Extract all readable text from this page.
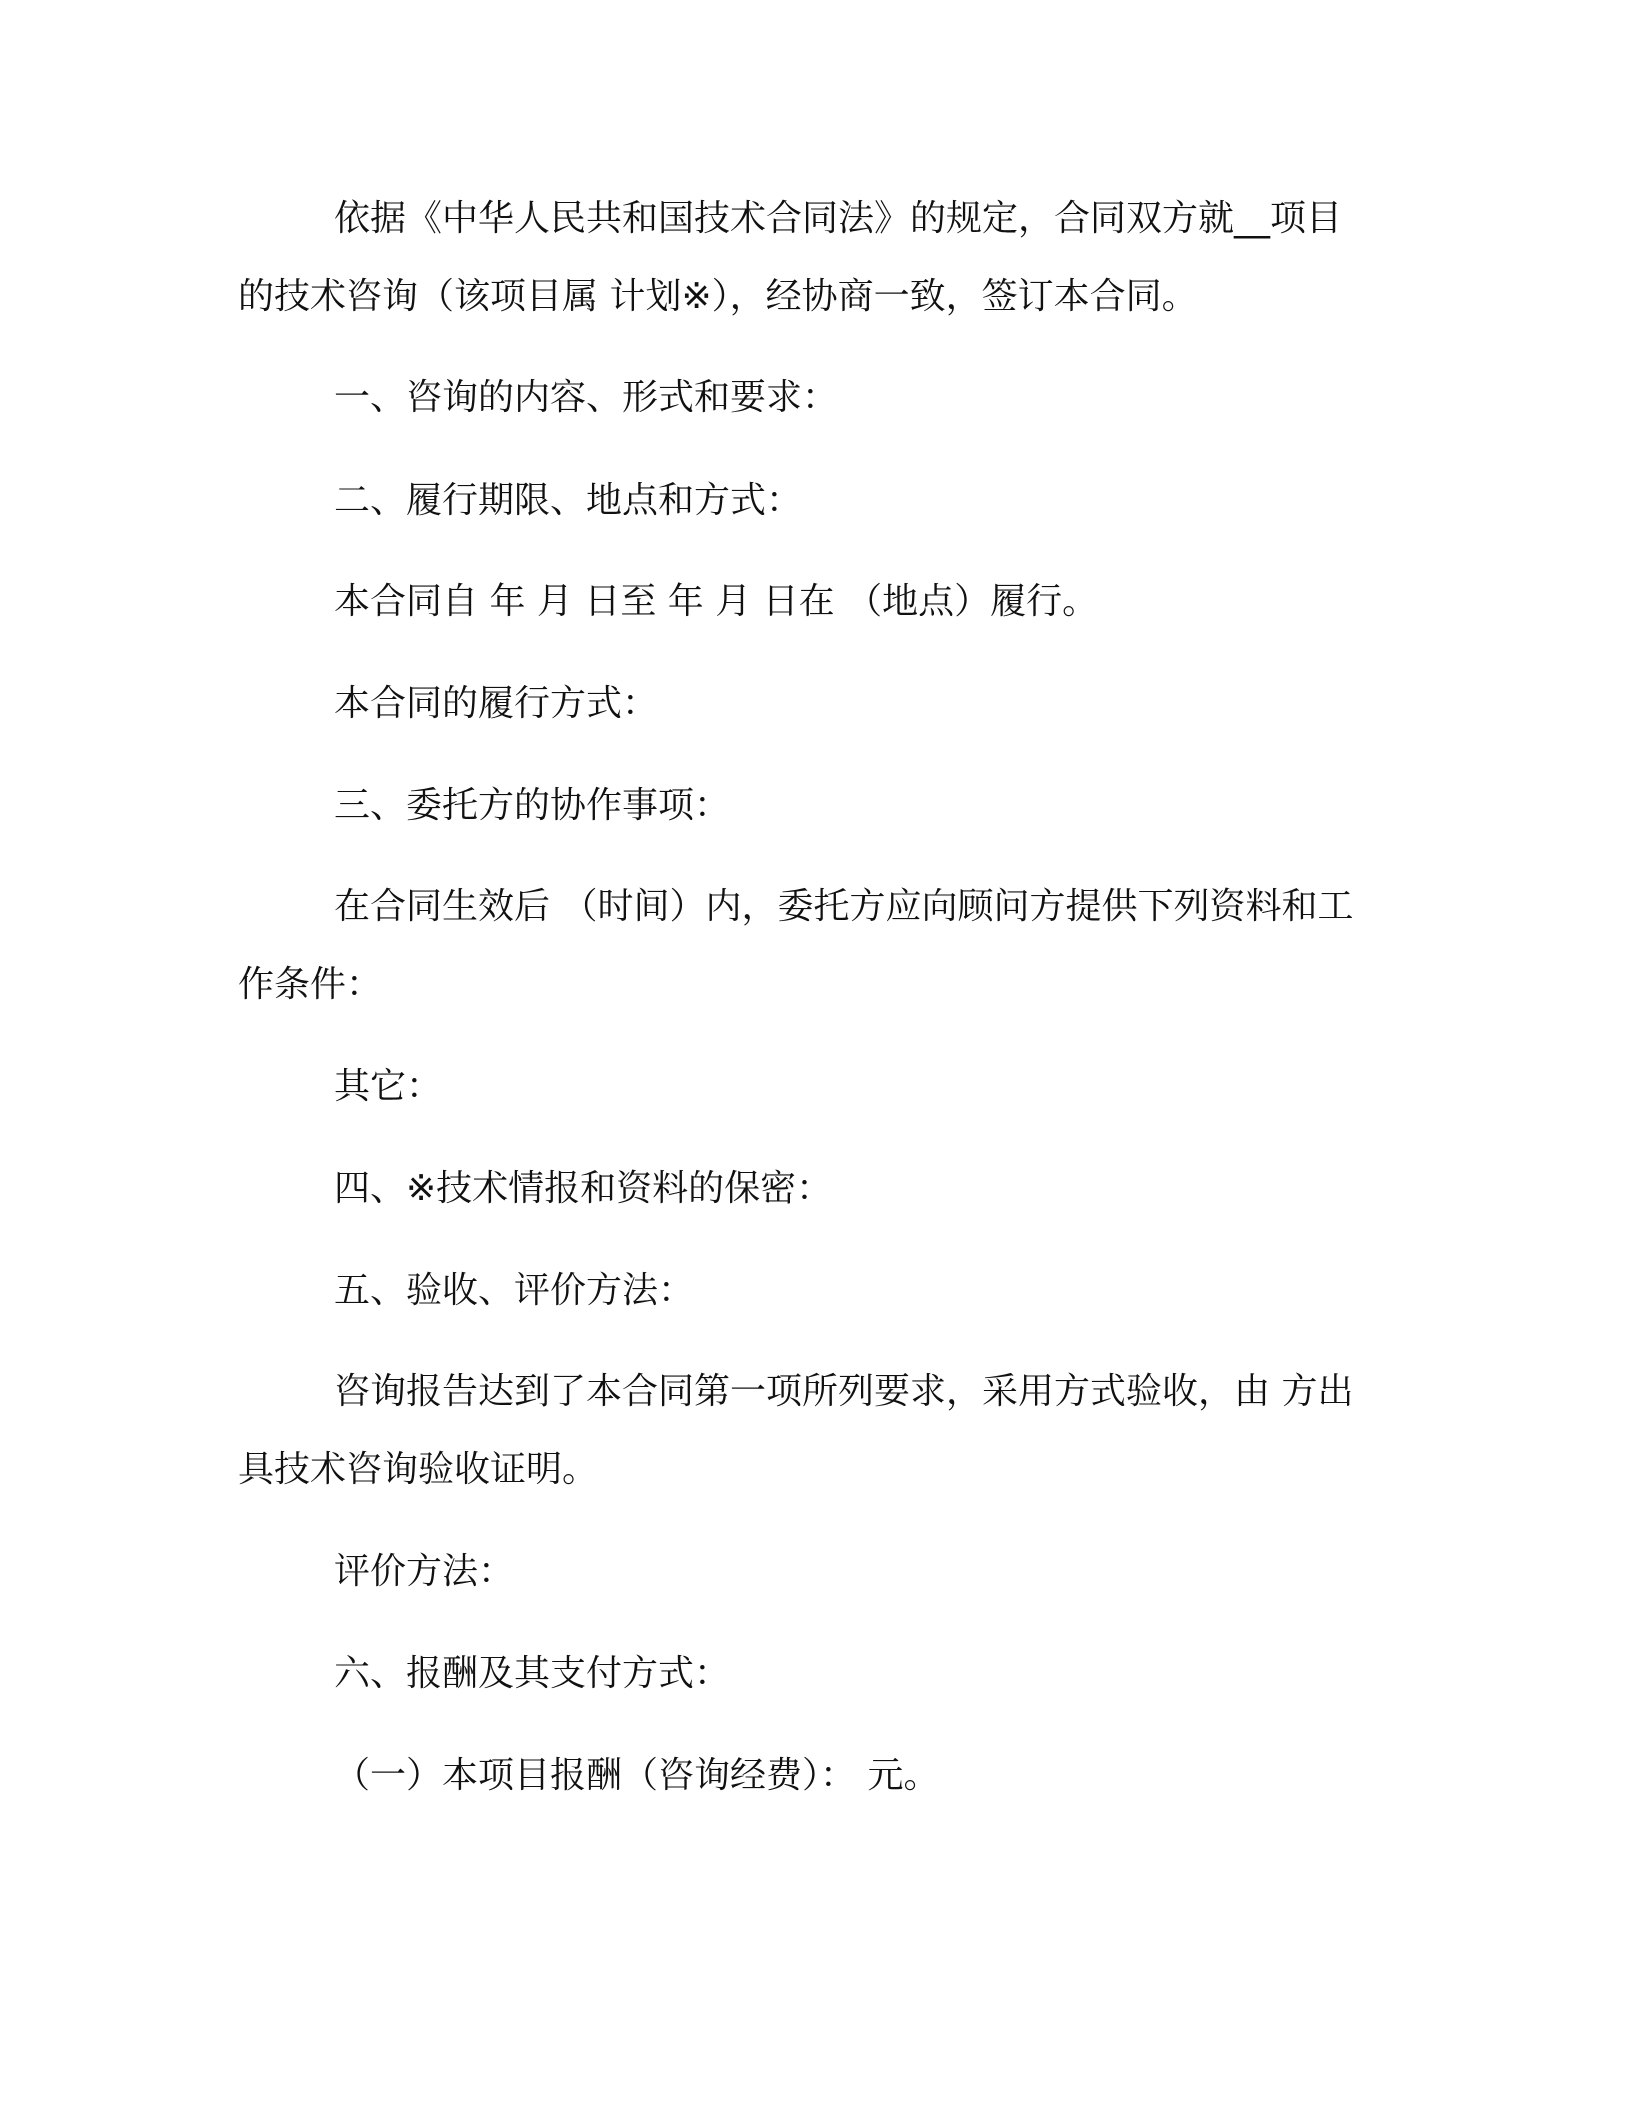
依据《中华人民共和国技术合同法》的规定，合同双方就__项目
的技术咨询（该项目属 计划※），经协商一致，签订本合同。
一、咨询的内容、形式和要求：
二、履行期限、地点和方式：
本合同自 年 月 日至 年 月 日在 （地点）履行。
本合同的履行方式：
三、委托方的协作事项：
在合同生效后 （时间）内，委托方应向顾问方提供下列资料和工
作条件：
其它：
四、※技术情报和资料的保密：
五、验收、评价方法：
咨询报告达到了本合同第一项所列要求，采用方式验收，由 方出
具技术咨询验收证明。
评价方法：
六、报酬及其支付方式：
（一）本项目报酬（咨询经费）： 元。
